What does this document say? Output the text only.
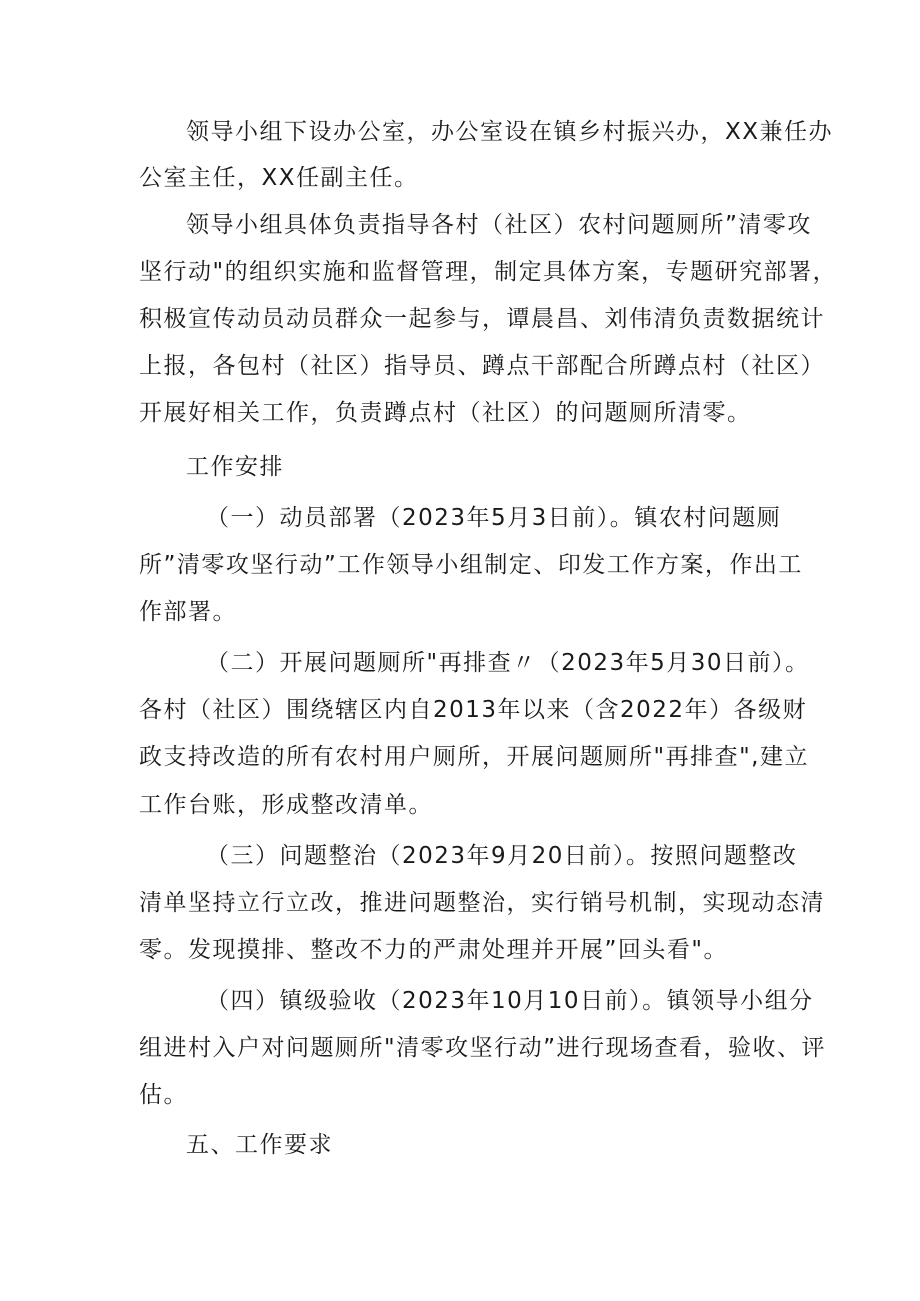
领导小组下设办公室，办公室设在镇乡村振兴办，XX兼任办
公室主任，XX任副主任。
领导小组具体负责指导各村（社区）农村问题厕所”清零攻
坚行动"的组织实施和监督管理，制定具体方案，专题研究部署，
积极宣传动员动员群众一起参与，谭晨昌、刘伟清负责数据统计
上报，各包村（社区）指导员、蹲点干部配合所蹲点村（社区）
开展好相关工作，负责蹲点村（社区）的问题厕所清零。
工作安排
（一）动员部署（2023年5月3日前）。镇农村问题厕
所”清零攻坚行动”工作领导小组制定、印发工作方案，作出工
作部署。
（二）开展问题厕所"再排查〃（2023年5月30日前）。
各村（社区）围绕辖区内自2013年以来（含2022年）各级财
政支持改造的所有农村用户厕所，开展问题厕所"再排查",建立
工作台账，形成整改清单。
（三）问题整治（2023年9月20日前）。按照问题整改
清单坚持立行立改，推进问题整治，实行销号机制，实现动态清
零。发现摸排、整改不力的严肃处理并开展”回头看"。
（四）镇级验收（2023年10月10日前）。镇领导小组分
组进村入户对问题厕所"清零攻坚行动”进行现场查看，验收、评
估。
五、工作要求
